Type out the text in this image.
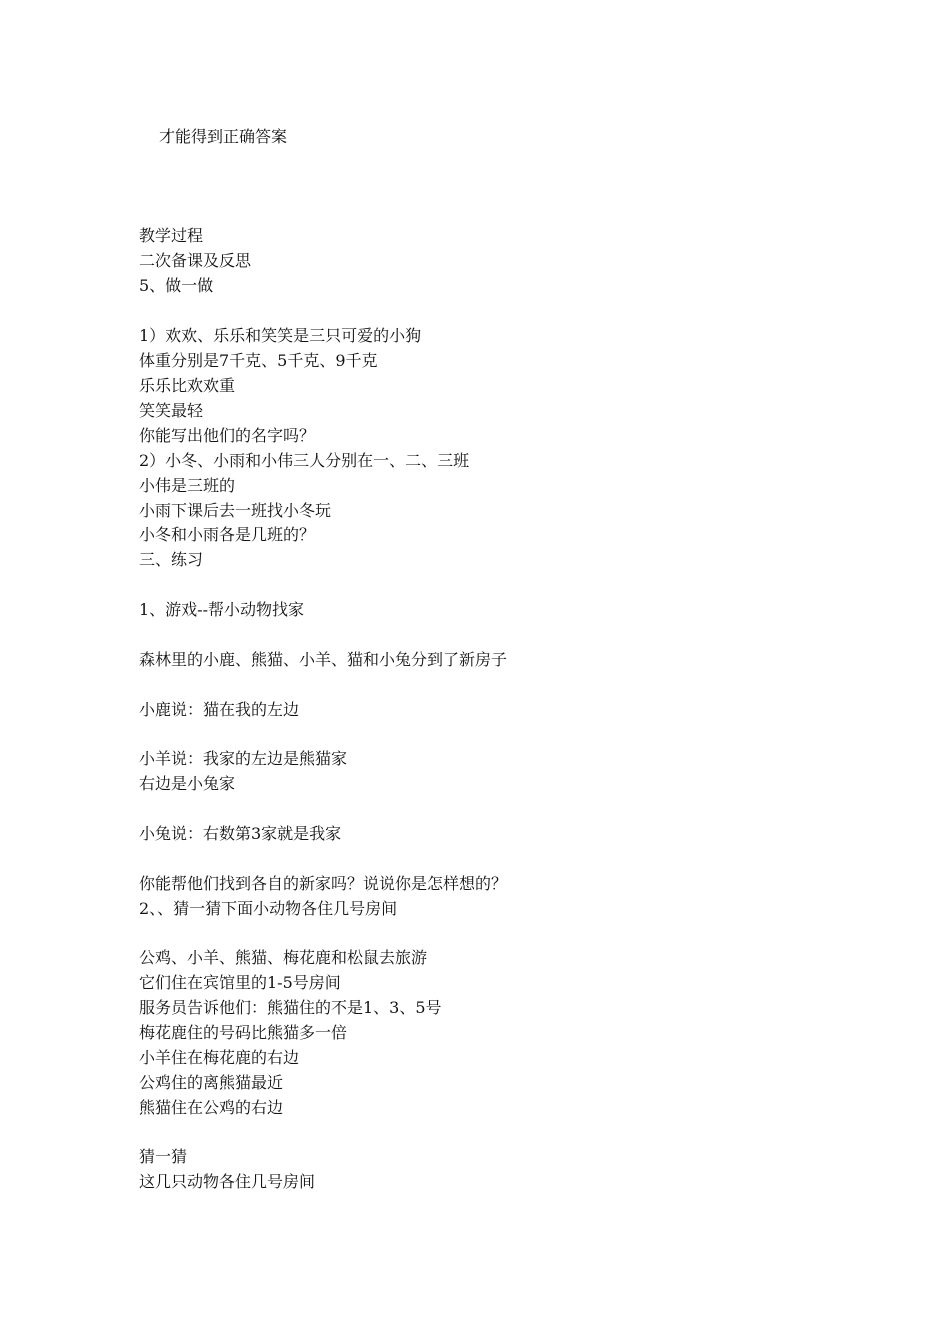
才能得到正确答案
教学过程
二次备课及反思
5、做一做
1）欢欢、乐乐和笑笑是三只可爱的小狗
体重分别是7千克、5千克、9千克
乐乐比欢欢重
笑笑最轻
你能写出他们的名字吗？
2）小冬、小雨和小伟三人分别在一、二、三班
小伟是三班的
小雨下课后去一班找小冬玩
小冬和小雨各是几班的？
三、练习
1、游戏--帮小动物找家
森林里的小鹿、熊猫、小羊、猫和小兔分到了新房子
小鹿说：猫在我的左边
小羊说：我家的左边是熊猫家
右边是小兔家
小兔说：右数第3家就是我家
你能帮他们找到各自的新家吗？说说你是怎样想的？
2、、猜一猜下面小动物各住几号房间
公鸡、小羊、熊猫、梅花鹿和松鼠去旅游
它们住在宾馆里的1-5号房间
服务员告诉他们：熊猫住的不是1、3、5号
梅花鹿住的号码比熊猫多一倍
小羊住在梅花鹿的右边
公鸡住的离熊猫最近
熊猫住在公鸡的右边
猜一猜
这几只动物各住几号房间
